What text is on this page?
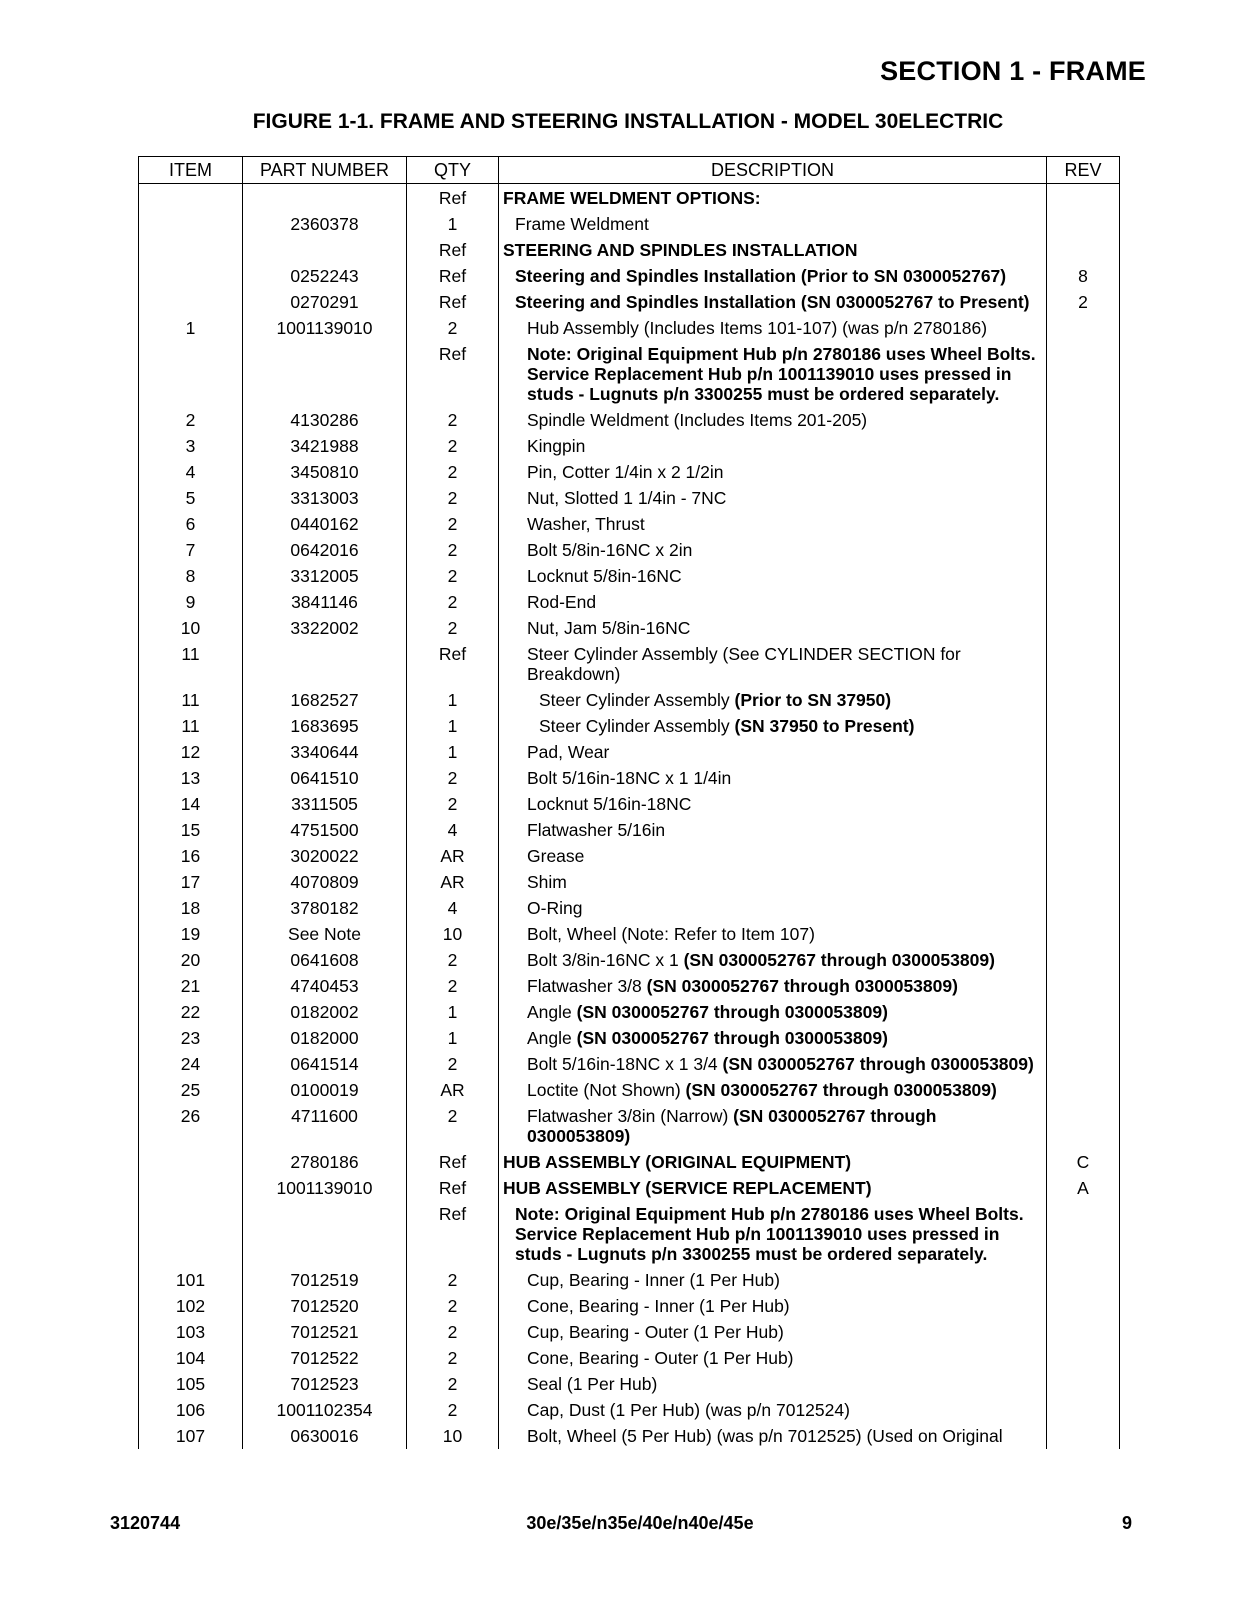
SECTION 1 - FRAME
FIGURE 1-1. FRAME AND STEERING INSTALLATION - MODEL 30ELECTRIC
ITEM	PART NUMBER	QTY	DESCRIPTION	REV
		Ref	FRAME WELDMENT OPTIONS:	

	2360378	1	Frame Weldment	

		Ref	STEERING AND SPINDLES INSTALLATION	

	0252243	Ref	Steering and Spindles Installation (Prior to SN 0300052767)	8
	0270291	Ref	Steering and Spindles Installation (SN 0300052767 to Present)	2
1	1001139010	2	Hub Assembly (Includes Items 101-107) (was p/n 2780186)	

		Ref	Note: Original Equipment Hub p/n 2780186 uses Wheel Bolts. Service Replacement Hub p/n 1001139010 uses pressed in studs - Lugnuts p/n 3300255 must be ordered separately.	

2	4130286	2	Spindle Weldment (Includes Items 201-205)	

3	3421988	2	Kingpin	

4	3450810	2	Pin, Cotter 1/4in x 2 1/2in	

5	3313003	2	Nut, Slotted 1 1/4in - 7NC	

6	0440162	2	Washer, Thrust	

7	0642016	2	Bolt 5/8in-16NC x 2in	

8	3312005	2	Locknut 5/8in-16NC	

9	3841146	2	Rod-End	

10	3322002	2	Nut, Jam 5/8in-16NC	

11		Ref	Steer Cylinder Assembly (See CYLINDER SECTION for Breakdown)	

11	1682527	1	Steer Cylinder Assembly (Prior to SN 37950)	

11	1683695	1	Steer Cylinder Assembly (SN 37950 to Present)	

12	3340644	1	Pad, Wear	

13	0641510	2	Bolt 5/16in-18NC x 1 1/4in	

14	3311505	2	Locknut 5/16in-18NC	

15	4751500	4	Flatwasher 5/16in	

16	3020022	AR	Grease	

17	4070809	AR	Shim	

18	3780182	4	O-Ring	

19	See Note	10	Bolt, Wheel (Note: Refer to Item 107)	

20	0641608	2	Bolt 3/8in-16NC x 1 (SN 0300052767 through 0300053809)	

21	4740453	2	Flatwasher 3/8 (SN 0300052767 through 0300053809)	

22	0182002	1	Angle (SN 0300052767 through 0300053809)	

23	0182000	1	Angle (SN 0300052767 through 0300053809)	

24	0641514	2	Bolt 5/16in-18NC x 1 3/4 (SN 0300052767 through 0300053809)	

25	0100019	AR	Loctite (Not Shown) (SN 0300052767 through 0300053809)	

26	4711600	2	Flatwasher 3/8in (Narrow) (SN 0300052767 through 0300053809)	

	2780186	Ref	HUB ASSEMBLY (ORIGINAL EQUIPMENT)	C
	1001139010	Ref	HUB ASSEMBLY (SERVICE REPLACEMENT)	A
		Ref	Note: Original Equipment Hub p/n 2780186 uses Wheel Bolts. Service Replacement Hub p/n 1001139010 uses pressed in studs - Lugnuts p/n 3300255 must be ordered separately.	

101	7012519	2	Cup, Bearing - Inner (1 Per Hub)	

102	7012520	2	Cone, Bearing - Inner (1 Per Hub)	

103	7012521	2	Cup, Bearing - Outer (1 Per Hub)	

104	7012522	2	Cone, Bearing - Outer (1 Per Hub)	

105	7012523	2	Seal (1 Per Hub)	

106	1001102354	2	Cap, Dust (1 Per Hub) (was p/n 7012524)	

107	0630016	10	Bolt, Wheel (5 Per Hub) (was p/n 7012525) (Used on Original	

3120744	30e/35e/n35e/40e/n40e/45e	9
